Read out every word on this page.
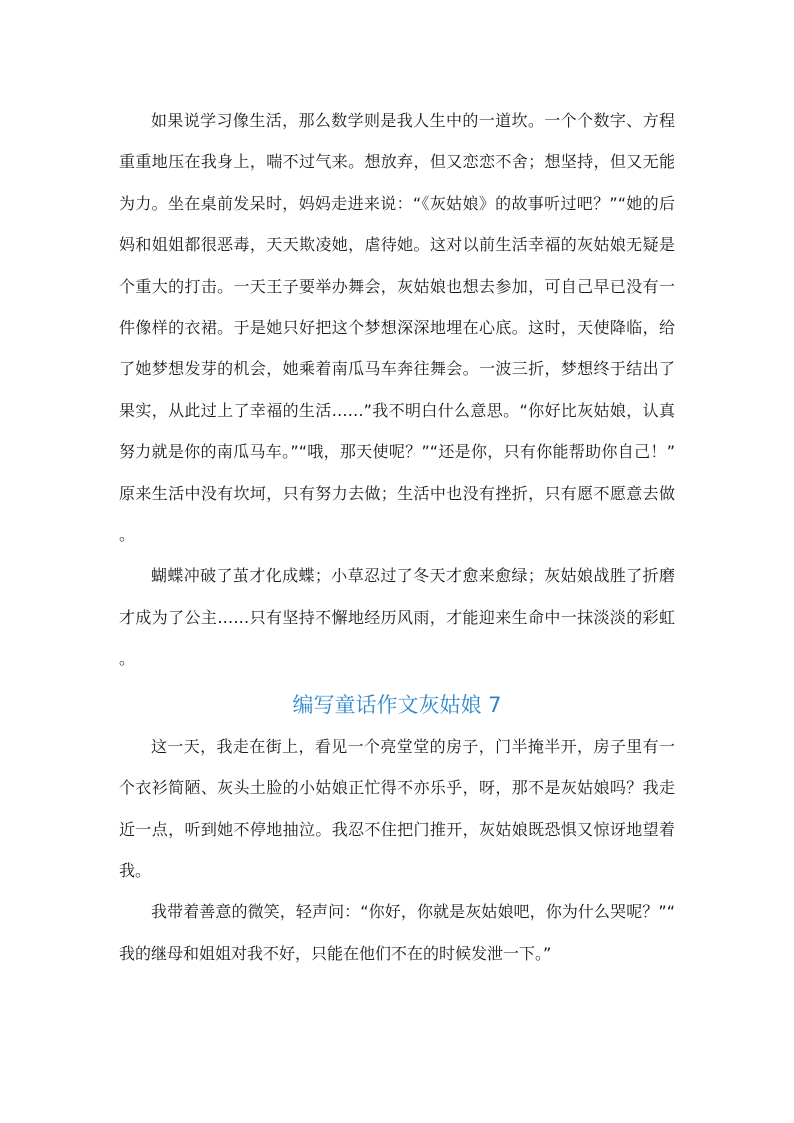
如果说学习像生活，那么数学则是我人生中的一道坎。一个个数字、方程重重地压在我身上，喘不过气来。想放弃，但又恋恋不舍；想坚持，但又无能为力。坐在桌前发呆时，妈妈走进来说：“《灰姑娘》的故事听过吧？”“她的后妈和姐姐都很恶毒，天天欺凌她，虐待她。这对以前生活幸福的灰姑娘无疑是个重大的打击。一天王子要举办舞会，灰姑娘也想去参加，可自己早已没有一件像样的衣裙。于是她只好把这个梦想深深地埋在心底。这时，天使降临，给了她梦想发芽的机会，她乘着南瓜马车奔往舞会。一波三折，梦想终于结出了果实，从此过上了幸福的生活……”我不明白什么意思。“你好比灰姑娘，认真努力就是你的南瓜马车。”“哦，那天使呢？”“还是你，只有你能帮助你自己！”原来生活中没有坎坷，只有努力去做；生活中也没有挫折，只有愿不愿意去做。

蝴蝶冲破了茧才化成蝶；小草忍过了冬天才愈来愈绿；灰姑娘战胜了折磨才成为了公主……只有坚持不懈地经历风雨，才能迎来生命中一抹淡淡的彩虹。

编写童话作文灰姑娘 7

这一天，我走在街上，看见一个亮堂堂的房子，门半掩半开，房子里有一个衣衫简陋、灰头土脸的小姑娘正忙得不亦乐乎，呀，那不是灰姑娘吗？我走近一点，听到她不停地抽泣。我忍不住把门推开，灰姑娘既恐惧又惊讶地望着我。

我带着善意的微笑，轻声问：“你好，你就是灰姑娘吧，你为什么哭呢？”“我的继母和姐姐对我不好，只能在他们不在的时候发泄一下。”
